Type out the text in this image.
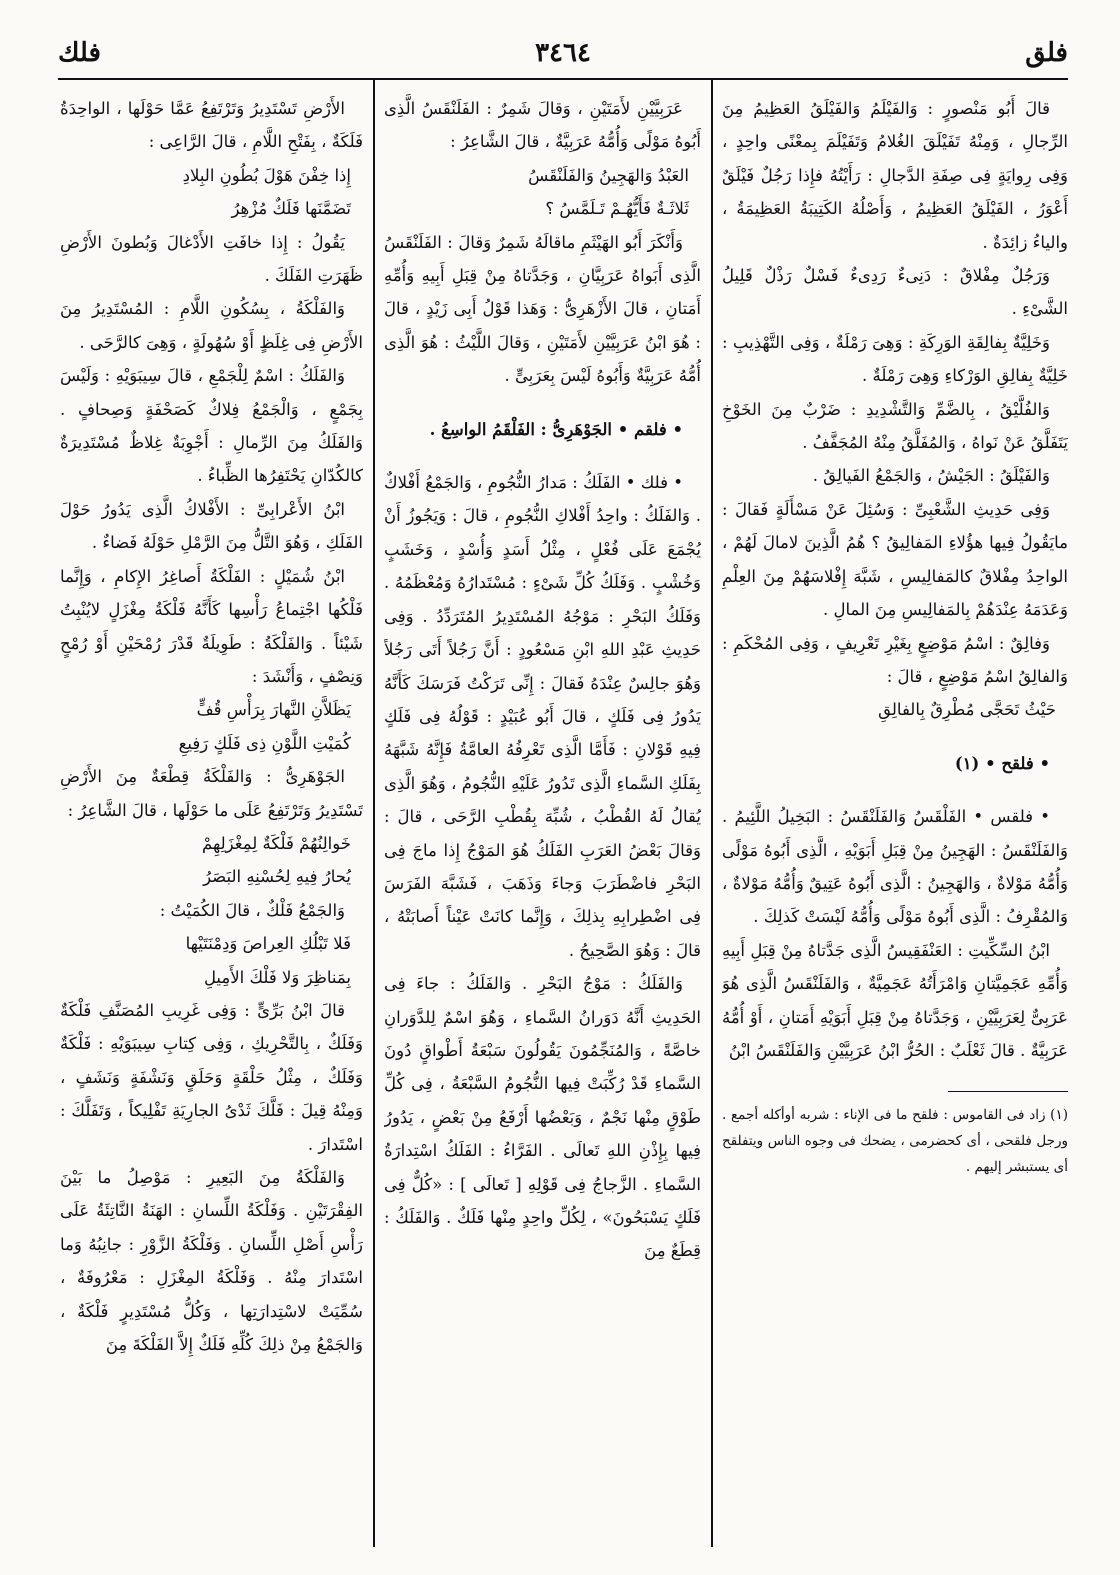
فلق
٣٤٦٤
فلك

قالَ أَبُو مَنْصورٍ : وَالفَيْلَمُ وَالفَيْلَقُ العَظِيمُ مِنَ الرِّجالِ ، وَمِنْهُ تَفَيْلَقَ الغُلامُ وَتَفَيْلَمَ بِمعْنًى واحِدٍ ، وَفِى رِوايَةٍ فِى صِفَةِ الدَّجالِ : رَأَيْتُهُ فإِذا رَجُلٌ فَيْلَقٌ أَعْوَرُ ، الفَيْلَقُ العَظِيمُ ، وَأَصْلُهُ الكَتِيبَةُ العَظِيمَةُ ، والياءُ زائِدَةٌ .

وَرَجُلٌ مِفْلاقٌ : دَنِىءٌ رَدِىءٌ فَسْلٌ رَذْلٌ قَلِيلُ الشَّىْءِ .

وَخَلِيَّةٌ بِفالِقَةِ الوَرِكَةِ : وَهِىَ رَمْلَةٌ ، وَفِى التَّهْذِيبِ : خَلِيَّةٌ بِفالِقِ الوَرْكاءِ وَهِىَ رَمْلَةٌ .

وَالفُلَّيْقُ ، بِالضَّمِّ وَالتَّشْدِيدِ : ضَرْبٌ مِنَ الخَوْخِ يَتَفَلَّقُ عَنْ نَواهُ ، وَالمُفَلَّقُ مِنْهُ المُجَفَّفُ .

وَالفَيْلَقُ : الجَيْشُ ، وَالجَمْعُ الفَيالِقُ .

وَفِى حَدِيثِ الشَّعْبِىِّ : وَسُئِلَ عَنْ مَسْأَلَةٍ فَقالَ : مايَقُولُ فِيها هؤُلاءِ المَفالِيقُ ؟ هُمُ الَّذِينَ لامالَ لَهُمْ ، الواحِدُ مِفْلاقٌ كالمَفالِيسِ ، شَبَّهَ إِفْلاسَهُمْ مِنَ العِلْمِ وَعَدَمَهُ عِنْدَهُمْ بِالمَفالِيسِ مِنَ المالِ .

وَفالِقٌ : اسْمُ مَوْضِعٍ بِغَيْرِ تَعْرِيفٍ ، وَفِى المُحْكَمِ : وَالفالِقُ اسْمُ مَوْضِعٍ ، قالَ :

حَيْثُ تَحَجَّى مُطْرِقٌ بِالفالِقِ

• فلقح • (١)

• فلقس • الفَلْقَسُ وَالفَلَنْقَسُ : البَخِيلُ اللَّئِيمُ . وَالفَلَنْقَسُ : الهَجِينُ مِنْ قِبَلِ أَبَوَيْهِ ، الَّذِى أَبُوهُ مَوْلًى وَأُمُّهُ مَوْلاةٌ ، وَالهَجِينُ : الَّذِى أَبُوهُ عَتِيقٌ وَأُمُّهُ مَوْلاةٌ ، وَالمُقْرِفُ : الَّذِى أَبُوهُ مَوْلًى وَأُمُّهُ لَيْسَتْ كَذلِكَ .

ابْنُ السِّكِّيتِ : العَنْفَقِيسُ الَّذِى جَدَّتاهُ مِنْ قِبَلِ أَبِيهِ وَأُمِّهِ عَجَمِيَّتانِ وَامْرَأَتُهُ عَجَمِيَّةٌ ، وَالفَلَنْقَسُ الَّذِى هُوَ عَرَبِىٌّ لِعَرَبِيَّيْنِ ، وَجَدَّتاهُ مِنْ قِبَلِ أَبَوَيْهِ أَمَتانِ ، أَوْ أُمُّهُ عَرَبِيَّةٌ . قالَ ثَعْلَبٌ : الحُرُّ ابْنُ عَرَبِيَّيْنِ وَالفَلَنْقَسُ ابْنُ

(١) زاد فى القاموس : فلقح ما فى الإناء : شربه أوأكله أجمع . ورجل فلقحى ، أى كحضرمى ، يضحك فى وجوه الناس ويتفلقح أى يستبشر إليهم .

عَرَبِيَّيْنِ لأَمَتَيْنِ ، وَقالَ شَمِرٌ : الفَلَنْقَسُ الَّذِى أَبُوهُ مَوْلًى وَأُمُّهُ عَرَبِيَّةٌ ، قالَ الشَّاعِرُ :

العَبْدُ وَالهَجِينُ وَالفَلَنْقَسُ

ثَلاثَـةٌ فَأَيُّهُـمْ تَـلَمَّسُ ؟

وَأَنْكَرَ أَبُو الهَيْثَمِ ماقالَهُ شَمِرٌ وَقالَ : الفَلَنْقَسُ الَّذِى أَبَواهُ عَرَبِيَّانِ ، وَجَدَّتاهُ مِنْ قِبَلِ أَبِيهِ وَأُمِّهِ أَمَتانِ ، قالَ الأَزْهَرِىُّ : وَهَذا قَوْلُ أَبِى زَيْدٍ ، قالَ : هُوَ ابْنُ عَرَبِيَّيْنِ لأَمَتَيْنِ ، وَقالَ اللَّيْثُ : هُوَ الَّذِى أُمُّهُ عَرَبِيَّةٌ وَأَبُوهُ لَيْسَ بِعَرَبِىٍّ .

• فلقم • الجَوْهَرِىُّ : الفَلْقَمُ الواسِعُ .

• فلك • الفَلَكُ : مَدارُ النُّجُومِ ، وَالجَمْعُ أَفْلاكٌ . وَالفَلَكُ : واحِدُ أَفْلاكِ النُّجُومِ ، قالَ : وَيَجُوزُ أَنْ يُجْمَعَ عَلَى فُعْلٍ ، مِثْلُ أَسَدٍ وَأُسْدٍ ، وَخَشَبٍ وَخُشْبٍ . وَفَلَكُ كُلِّ شَىْءٍ : مُسْتَدارُهُ وَمُعْظَمُهُ . وَفَلَكُ البَحْرِ : مَوْجُهُ المُسْتَدِيرُ المُتَرَدِّدُ . وَفِى حَدِيثِ عَبْدِ اللهِ ابْنِ مَسْعُودٍ : أَنَّ رَجُلاً أَتَى رَجُلاً وَهُوَ جالِسٌ عِنْدَهُ فَقالَ : إِنِّى تَرَكْتُ فَرَسَكَ كَأَنَّهُ يَدُورُ فِى فَلَكٍ ، قالَ أَبُو عُبَيْدٍ : قَوْلُهُ فِى فَلَكٍ فِيهِ قَوْلانِ : فَأَمَّا الَّذِى تَعْرِفُهُ العامَّةُ فَإِنَّهُ شَبَّهَهُ بِفَلَكِ السَّماءِ الَّذِى تَدُورُ عَلَيْهِ النُّجُومُ ، وَهُوَ الَّذِى يُقالُ لَهُ القُطْبُ ، شُبِّهَ بِقُطْبِ الرَّحَى ، قالَ : وَقالَ بَعْضُ العَرَبِ الفَلَكُ هُوَ المَوْجُ إِذا ماجَ فِى البَحْرِ فاضْطَرَبَ وَجاءَ وَذَهَبَ ، فَشَبَّهَ الفَرَسَ فِى اضْطِرابِهِ بِذلِكَ ، وَإِنَّما كانَتْ عَيْناً أَصابَتْهُ ، قالَ : وَهُوَ الصَّحِيحُ .

وَالفَلَكُ : مَوْجُ البَحْرِ . وَالفَلَكُ : جاءَ فِى الحَدِيثِ أَنَّهُ دَوَرانُ السَّماءِ ، وَهُوَ اسْمٌ لِلدَّوَرانِ خاصَّةً ، وَالمُنَجِّمُونَ يَقُولُونَ سَبْعَةُ أَطْواقٍ دُونَ السَّماءِ قَدْ رُكِّبَتْ فِيها النُّجُومُ السَّبْعَةُ ، فِى كُلِّ طَوْقٍ مِنْها نَجْمٌ ، وَبَعْضُها أَرْفَعُ مِنْ بَعْضٍ ، يَدُورُ فِيها بِإِذْنِ اللهِ تَعالَى . الفَرَّاءُ : الفَلَكُ اسْتِدارَةُ السَّماءِ . الزَّجاجُ فِى قَوْلِهِ [ تَعالَى ] : «كُلٌّ فِى فَلَكٍ يَسْبَحُونَ» ، لِكُلِّ واحِدٍ مِنْها فَلَكٌ . وَالفَلَكُ : قِطَعٌ مِنَ

الأَرْضِ تَسْتَدِيرُ وَتَرْتَفِعُ عَمَّا حَوْلَها ، الواحِدَةُ فَلَكَةٌ ، بِفَتْحِ اللَّامِ ، قالَ الرَّاعِى :

إِذا خِفْنَ هَوْلَ بُطُونِ البِلادِ

تَضَمَّنَها فَلَكٌ مُزْهِرُ

يَقُولُ : إِذا خافَتِ الأَدْغالَ وَبُطونَ الأَرْضِ ظَهَرَتِ الفَلَكَ .

وَالفَلْكَةُ ، بِسُكُونِ اللَّامِ : المُسْتَدِيرُ مِنَ الأَرْضِ فِى غِلَظٍ أَوْ سُهُولَةٍ ، وَهِىَ كالرَّحَى .

وَالفَلَكُ : اسْمٌ لِلْجَمْعِ ، قالَ سِيبَوَيْهِ : وَلَيْسَ بِجَمْعٍ ، وَالْجَمْعُ فِلاكٌ كَصَحْفَةٍ وَصِحافٍ . وَالفَلَكُ مِنَ الرِّمالِ : أَجْوِبَةٌ غِلاظٌ مُسْتَدِيرَةٌ كالكُدّانِ يَحْتَفِرُها الظِّباءُ .

ابْنُ الأَعْرابِىِّ : الأَفْلاكُ الَّذِى يَدُورُ حَوْلَ الفَلَكِ ، وَهُوَ التَّلُّ مِنَ الرَّمْلِ حَوْلَهُ فَضاءٌ .

ابْنُ شُمَيْلٍ : الفَلْكَةُ أَصاغِرُ الإِكامِ ، وَإِنَّما فَلْكُها اجْتِماعُ رَأْسِها كَأَنَّهُ فَلْكَةُ مِغْزَلٍ لايُنْبِتُ شَيْئاً . وَالفَلْكَةُ : طَوِيلَةٌ قَدْرَ رُمْحَيْنِ أَوْ رُمْحٍ وَنِصْفٍ ، وَأَنْشَدَ :

يَظَلاَّنِ النَّهارَ بِرَأْسِ قُفٍّ

كُمَيْتِ اللَّوْنِ ذِى فَلَكٍ رَفِيعِ

الجَوْهَرِىُّ : وَالفَلْكَةُ قِطْعَةٌ مِنَ الأَرْضِ تَسْتَدِيرُ وَتَرْتَفِعُ عَلَى ما حَوْلَها ، قالَ الشَّاعِرُ :

خَوالِنُهُمْ فَلْكَةٌ لِمِغْزَلِهِمْ

يُحارُ فِيهِ لِحُسْنِهِ البَصَرُ

وَالجَمْعُ فَلْكٌ ، قالَ الكُمَيْتُ :

فَلا تَبْلُكِ العِراصَ وَدِمْنَتَيْها

بِمَناظِرَ وَلا فَلْكَ الأَمِيلِ

قالَ ابْنُ بَرِّىٍّ : وَفِى غَرِيبِ المُصَنَّفِ فَلْكَةٌ وَفَلَكٌ ، بِالتَّحْرِيكِ ، وَفِى كِتابِ سِيبَوَيْهِ : فَلْكَةٌ وَفَلَكٌ ، مِثْلُ حَلْقَةٍ وَحَلَقٍ وَنَشْفَةٍ وَنَشَفٍ ، وَمِنْهُ قِيلَ : فَلَّكَ ثَدْىُ الجارِيَةِ تَفْلِيكاً ، وَتَفَلَّكَ : اسْتَدارَ .

وَالفَلْكَةُ مِنَ البَعِيرِ : مَوْصِلُ ما بَيْنَ الفِقْرَتَيْنِ . وَفَلْكَةُ اللِّسانِ : الهَنَةُ النَّاتِئَةُ عَلَى رَأْسِ أَصْلِ اللِّسانِ . وَفَلْكَةُ الزَّوْرِ : جانِبُهُ وَما اسْتَدارَ مِنْهُ . وَفَلْكَةُ المِغْزَلِ : مَعْرُوفَةٌ ، سُمِّيَتْ لاسْتِدارَتِها ، وَكُلُّ مُسْتَدِيرٍ فَلْكَةٌ ، وَالجَمْعُ مِنْ ذلِكَ كُلِّهِ فَلَكٌ إِلاَّ الفَلْكَةَ مِنَ
